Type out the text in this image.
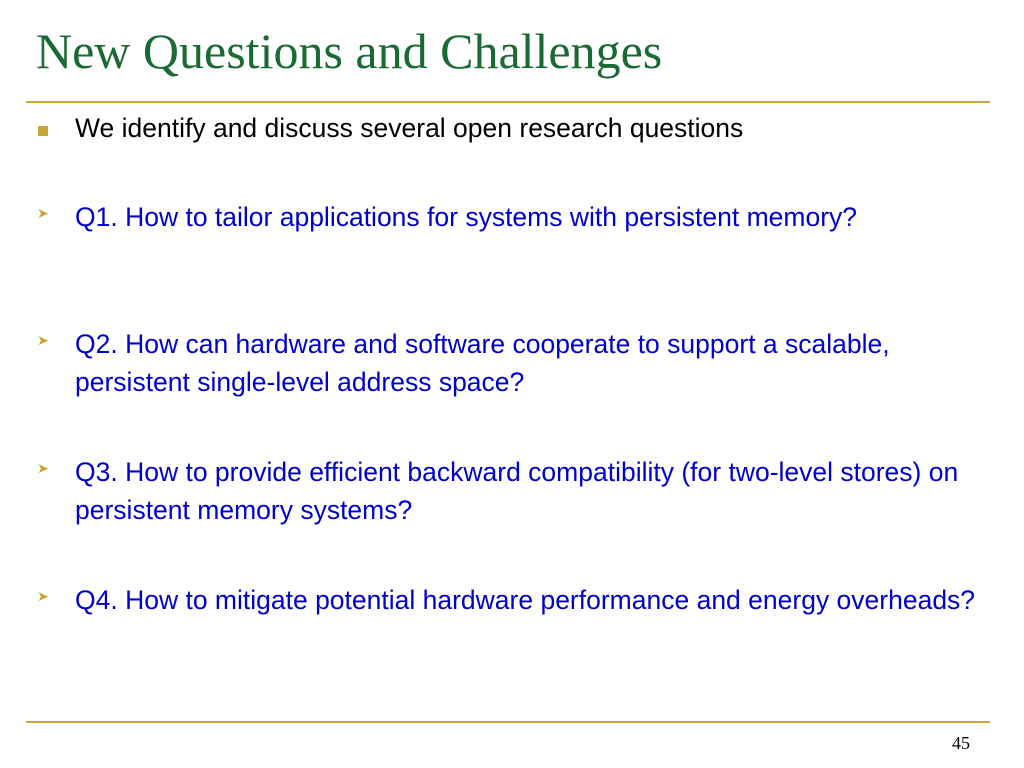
New Questions and Challenges
We identify and discuss several open research questions
➤ Q1. How to tailor applications for systems with persistent memory?
➤ Q2. How can hardware and software cooperate to support a scalable, persistent single-level address space?
➤ Q3. How to provide efficient backward compatibility (for two-level stores) on persistent memory systems?
➤ Q4. How to mitigate potential hardware performance and energy overheads?
45
